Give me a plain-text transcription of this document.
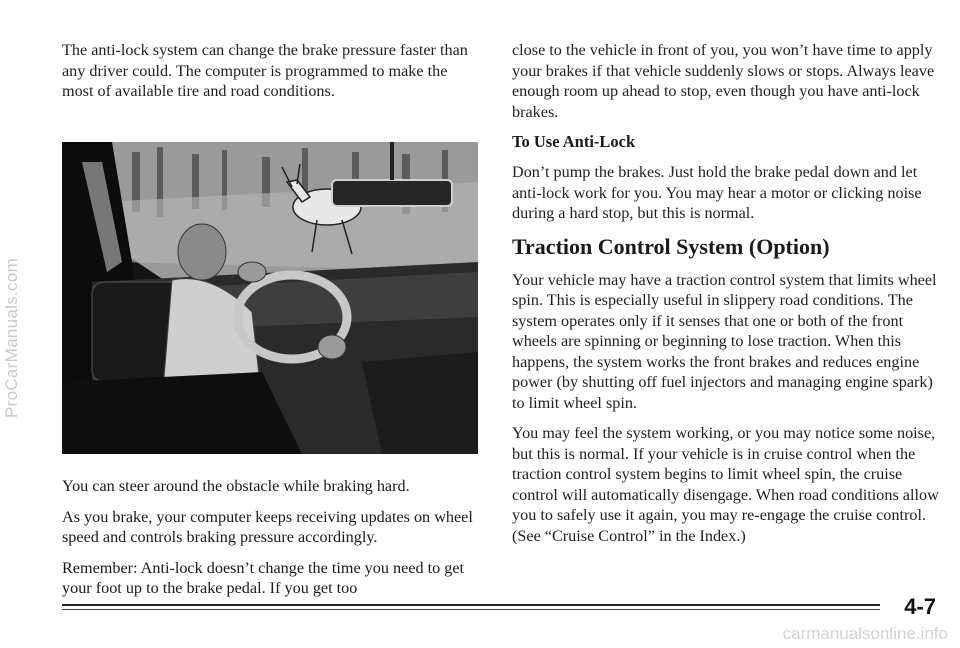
ProCarManuals.com

The anti-lock system can change the brake pressure faster than any driver could. The computer is programmed to make the most of available tire and road conditions.

You can steer around the obstacle while braking hard.

As you brake, your computer keeps receiving updates on wheel speed and controls braking pressure accordingly.

Remember: Anti-lock doesn’t change the time you need to get your foot up to the brake pedal. If you get too

close to the vehicle in front of you, you won’t have time to apply your brakes if that vehicle suddenly slows or stops. Always leave enough room up ahead to stop, even though you have anti-lock brakes.

To Use Anti-Lock

Don’t pump the brakes. Just hold the brake pedal down and let anti-lock work for you. You may hear a motor or clicking noise during a hard stop, but this is normal.

Traction Control System (Option)

Your vehicle may have a traction control system that limits wheel spin. This is especially useful in slippery road conditions. The system operates only if it senses that one or both of the front wheels are spinning or beginning to lose traction. When this happens, the system works the front brakes and reduces engine power (by shutting off fuel injectors and managing engine spark) to limit wheel spin.

You may feel the system working, or you may notice some noise, but this is normal. If your vehicle is in cruise control when the traction control system begins to limit wheel spin, the cruise control will automatically disengage. When road conditions allow you to safely use it again, you may re-engage the cruise control. (See “Cruise Control” in the Index.)

4-7
carmanualsonline.info
